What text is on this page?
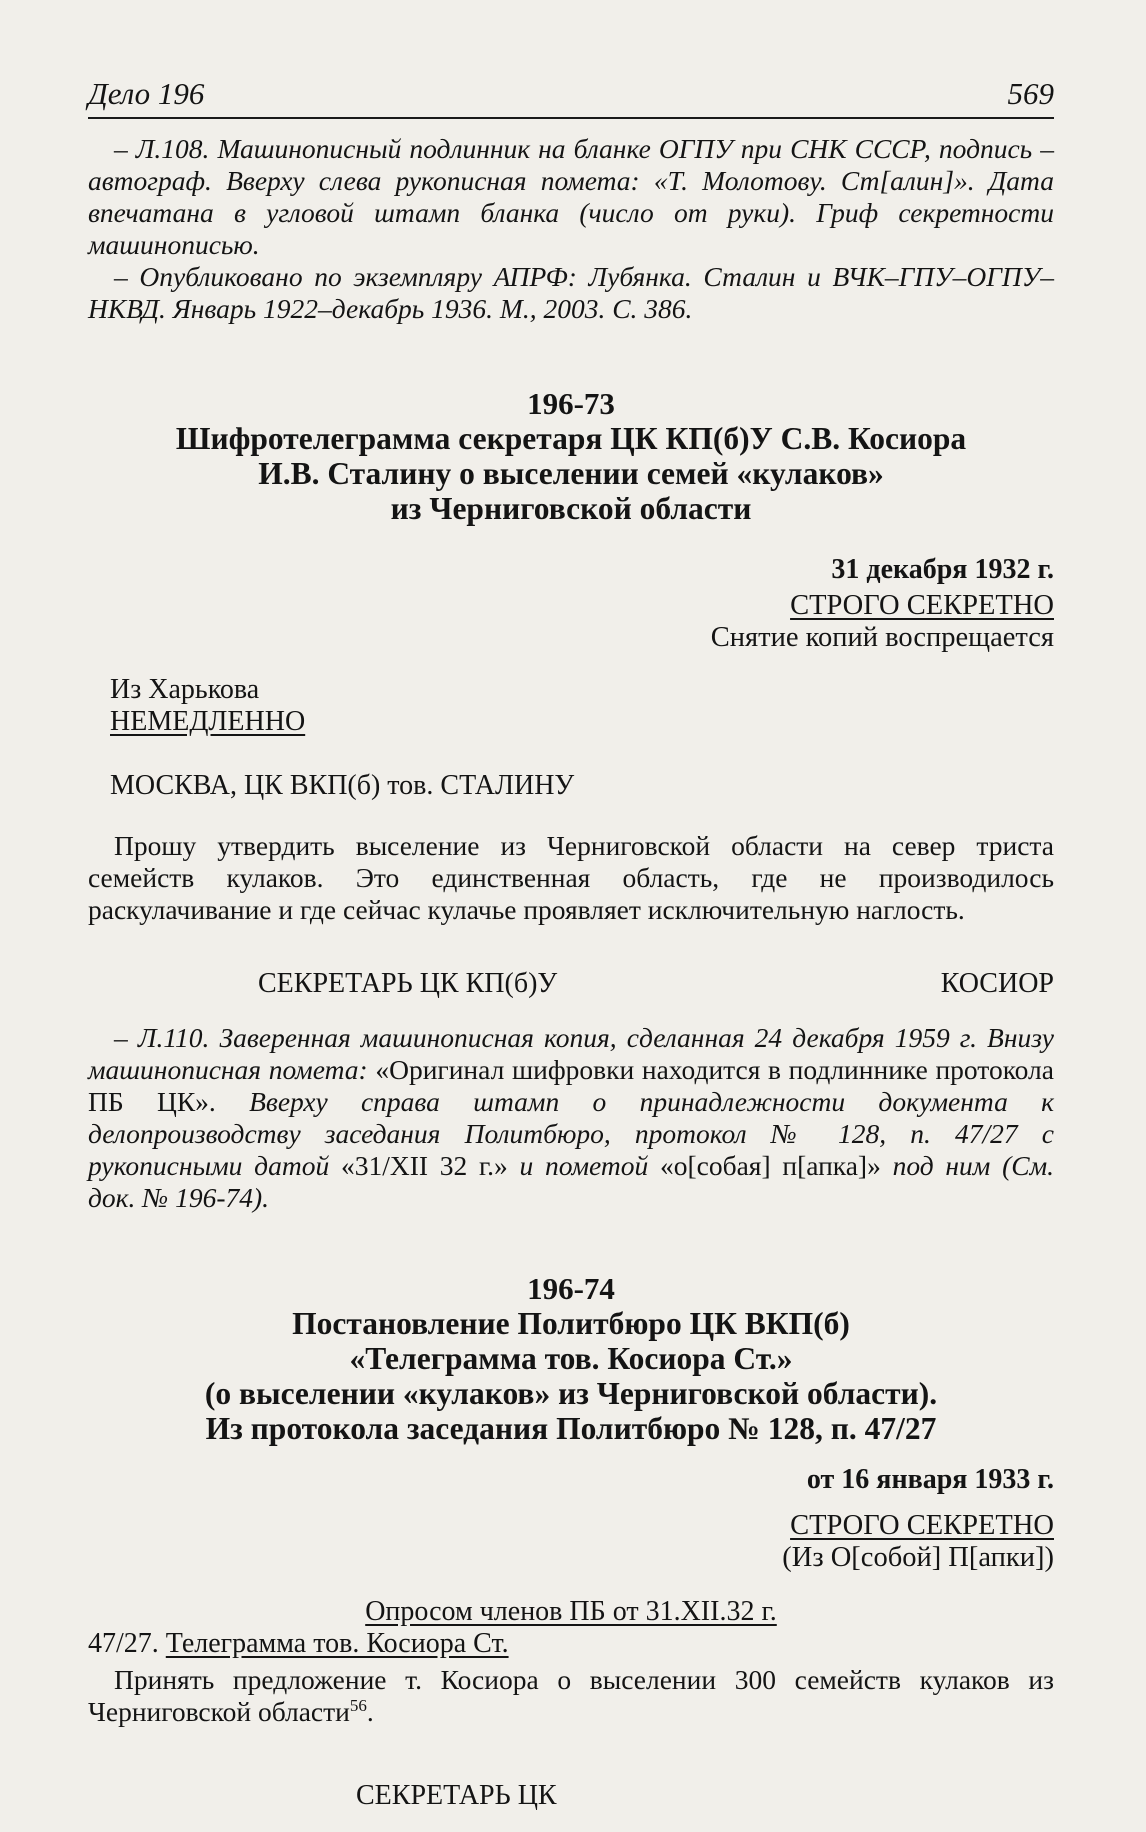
Дело 196	569

– Л.108. Машинописный подлинник на бланке ОГПУ при СНК СССР, подпись – автограф. Вверху слева рукописная помета: «Т. Молотову. Ст[алин]». Дата впечатана в угловой штамп бланка (число от руки). Гриф секретности машинописью.

– Опубликовано по экземпляру АПРФ: Лубянка. Сталин и ВЧК–ГПУ–ОГПУ–НКВД. Январь 1922–декабрь 1936. М., 2003. С. 386.

196-73
Шифротелеграмма секретаря ЦК КП(б)У С.В. Косиора
И.В. Сталину о выселении семей «кулаков»
из Черниговской области
31 декабря 1932 г.
СТРОГО СЕКРЕТНО
Снятие копий воспрещается
Из Харькова
НЕМЕДЛЕННО
МОСКВА, ЦК ВКП(б) тов. СТАЛИНУ

Прошу утвердить выселение из Черниговской области на север триста семейств кулаков. Это единственная область, где не производилось раскулачивание и где сейчас кулачье проявляет исключительную наглость.

СЕКРЕТАРЬ ЦК КП(б)У	КОСИОР

– Л.110. Заверенная машинописная копия, сделанная 24 декабря 1959 г. Внизу машинописная помета: «Оригинал шифровки находится в подлиннике протокола ПБ ЦК». Вверху справа штамп о принадлежности документа к делопроизводству заседания Политбюро, протокол № 128, п. 47/27 с рукописными датой «31/XII 32 г.» и пометой «о[собая] п[апка]» под ним (См. док. № 196-74).

196-74
Постановление Политбюро ЦК ВКП(б)
«Телеграмма тов. Косиора Ст.»
(о выселении «кулаков» из Черниговской области).
Из протокола заседания Политбюро № 128, п. 47/27
от 16 января 1933 г.
СТРОГО СЕКРЕТНО
(Из О[собой] П[апки])
Опросом членов ПБ от 31.XII.32 г.
47/27. Телеграмма тов. Косиора Ст.

Принять предложение т. Косиора о выселении 300 семейств кулаков из Черниговской области$^{56}$.

СЕКРЕТАРЬ ЦК
